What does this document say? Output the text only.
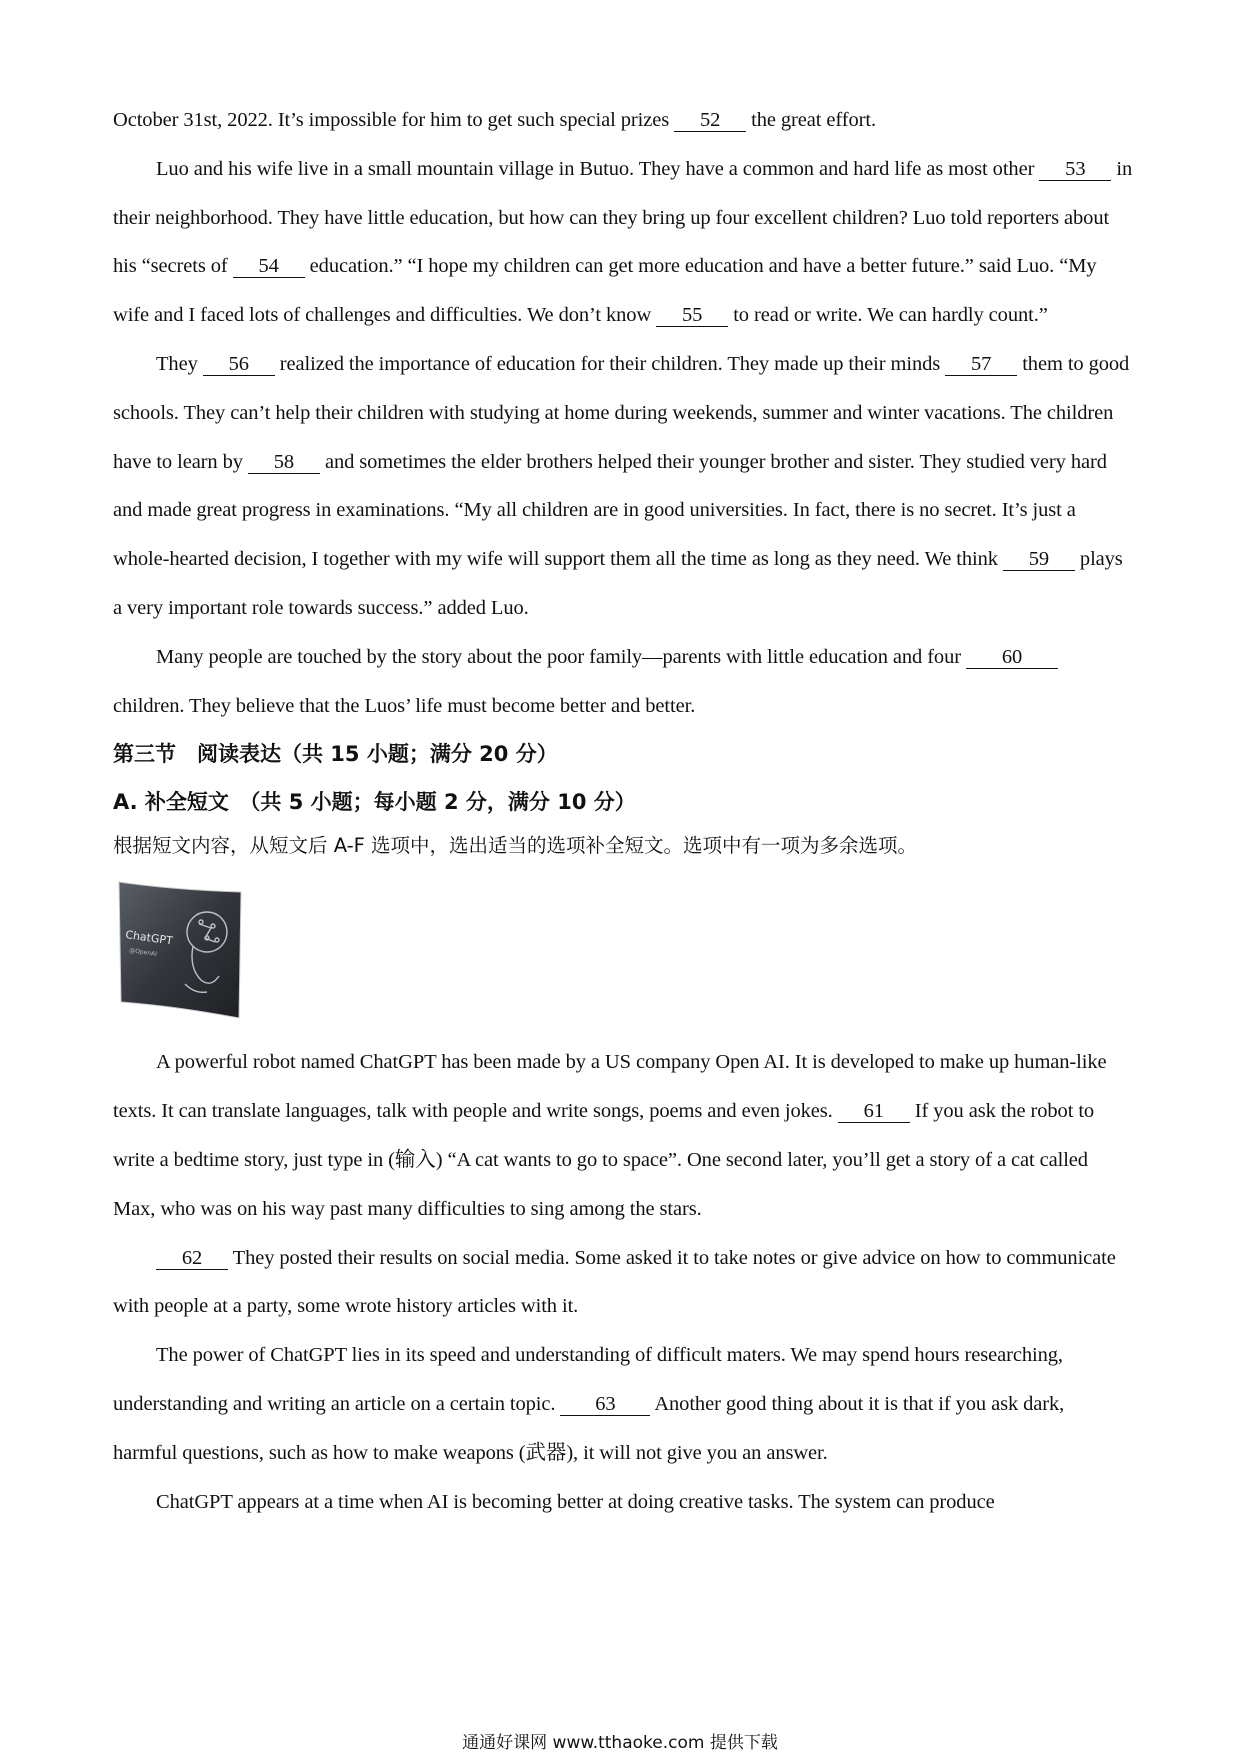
October 31st, 2022. It’s impossible for him to get such special prizes 52 the great effort.

Luo and his wife live in a small mountain village in Butuo. They have a common and hard life as most other 53 in their neighborhood. They have little education, but how can they bring up four excellent children? Luo told reporters about his “secrets of 54 education.” “I hope my children can get more education and have a better future.” said Luo. “My wife and I faced lots of challenges and difficulties. We don’t know 55 to read or write. We can hardly count.”

They 56 realized the importance of education for their children. They made up their minds 57 them to good schools. They can’t help their children with studying at home during weekends, summer and winter vacations. The children have to learn by 58 and sometimes the elder brothers helped their younger brother and sister. They studied very hard and made great progress in examinations. “My all children are in good universities. In fact, there is no secret. It’s just a whole-hearted decision, I together with my wife will support them all the time as long as they need. We think 59 plays a very important role towards success.” added Luo.

Many people are touched by the story about the poor family—parents with little education and four 60 children. They believe that the Luos’ life must become better and better.

第三节　阅读表达（共 15 小题；满分 20 分）

A. 补全短文　（共 5 小题；每小题 2 分，满分 10 分）

根据短文内容，从短文后 A-F 选项中，选出适当的选项补全短文。选项中有一项为多余选项。

ChatGPT
@OpenAI

A powerful robot named ChatGPT has been made by a US company Open AI. It is developed to make up human-like texts. It can translate languages, talk with people and write songs, poems and even jokes. 61 If you ask the robot to write a bedtime story, just type in (输入) “A cat wants to go to space”. One second later, you’ll get a story of a cat called Max, who was on his way past many difficulties to sing among the stars.

62 They posted their results on social media. Some asked it to take notes or give advice on how to communicate with people at a party, some wrote history articles with it.

The power of ChatGPT lies in its speed and understanding of difficult maters. We may spend hours researching, understanding and writing an article on a certain topic. 63 Another good thing about it is that if you ask dark, harmful questions, such as how to make weapons (武器), it will not give you an answer.

ChatGPT appears at a time when AI is becoming better at doing creative tasks. The system can produce

通通好课网 www.tthaoke.com 提供下载
